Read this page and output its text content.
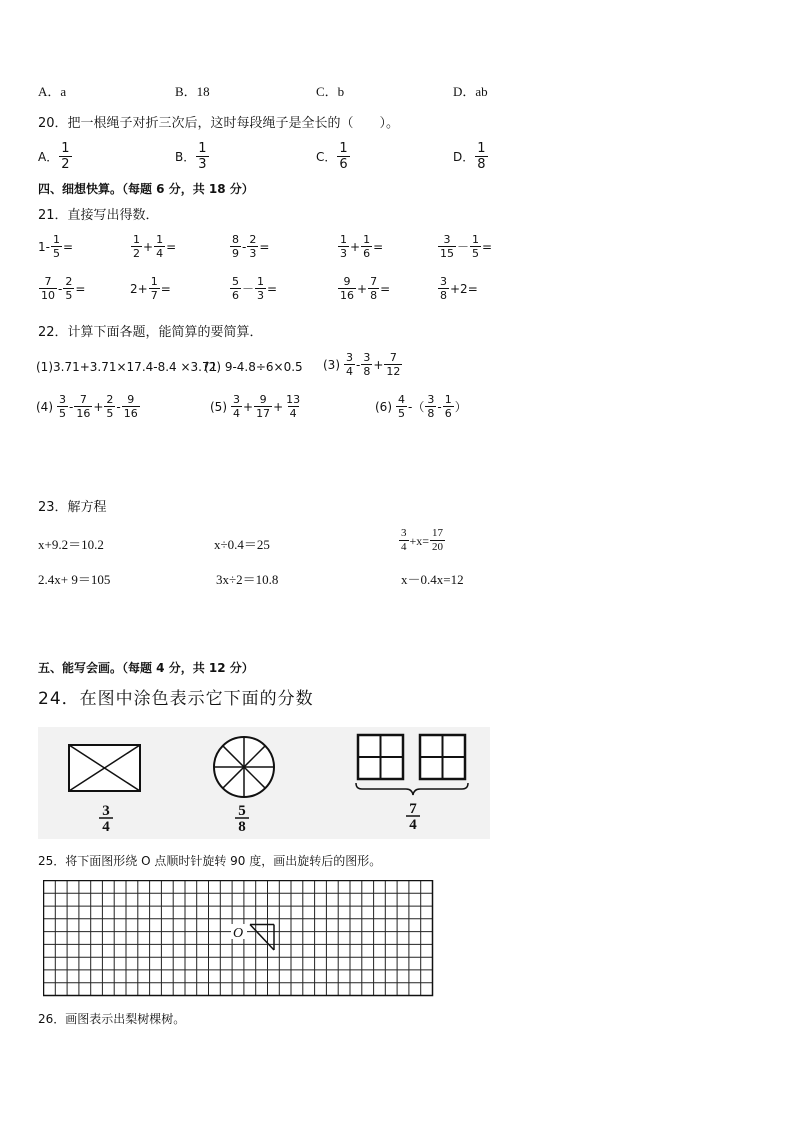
A．a	B．18	C．b	D．ab
20．把一根绳子对折三次后，这时每段绳子是全长的（　　）。
A． $\frac{1}{2}$	B． $\frac{1}{3}$	C． $\frac{1}{6}$	D． $\frac{1}{8}$
四、细想快算。（每题 6 分，共 18 分）
21．直接写出得数．
$1- \frac{1}{5}$ =	$\frac{1}{2} + \frac{1}{4}$ =	$\frac{8}{9} - \frac{2}{3}$ =	$\frac{1}{3} + \frac{1}{6}$ =	$\frac{3}{15} - \frac{1}{5}$ =
$\frac{7}{10} - \frac{2}{5}$ =	$2+ \frac{1}{7}$ =	$\frac{5}{6} - \frac{1}{3}$ =	$\frac{9}{16} + \frac{7}{8}$ =	$\frac{3}{8} +2=$
22．计算下面各题，能简算的要简算．
(1)3.71+3.71×17.4-8.4 ×3.71
(2) 9-4.8÷6×0.5 $(3) \frac{3}{4} - \frac{3}{8} + \frac{7}{12}$
$(4) \frac{3}{5} - \frac{7}{16} + \frac{2}{5} - \frac{9}{16}$	$(5) \frac{3}{4} + \frac{9}{17} + \frac{13}{4}$	$(6) \frac{4}{5}$ -（ $\frac{3}{8} - \frac{1}{6}$ ）
23．解方程
x+9.2＝10.2	x÷0.4＝25	$\frac{3}{4} +x= \frac{17}{20}$
2.4x+ 9＝105	3x÷2＝10.8	x－0.4x=12
五、能写会画。（每题 4 分，共 12 分）
24．在图中涂色表示它下面的分数
3
4
5
8
7
4
25．将下面图形绕 O 点顺时针旋转 90 度，画出旋转后的图形。
O
26．画图表示出梨树棵树。
